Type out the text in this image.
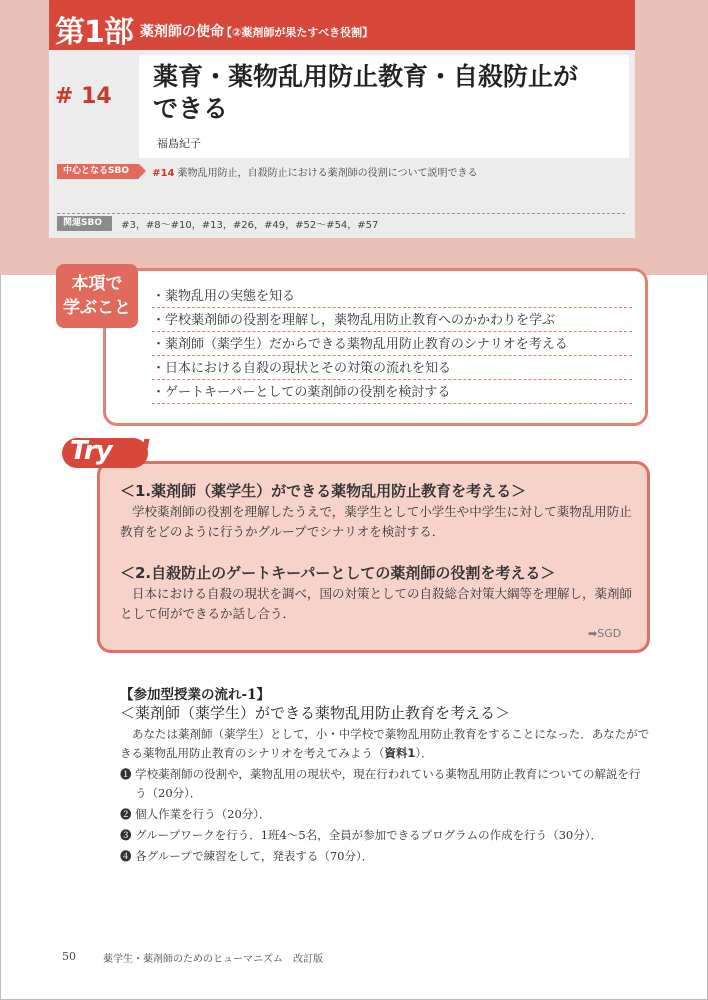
第1部 薬剤師の使命
【②薬剤師が果たすべき役割】
# 14
薬育・薬物乱用防止教育・自殺防止が
できる
福島紀子
中心となるSBO #14 薬物乱用防止，自殺防止における薬剤師の役割について説明できる
関連SBO #3，#8～#10，#13，#26，#49，#52～#54，#57
本項で
学ぶこと
・薬物乱用の実態を知る
・学校薬剤師の役割を理解し，薬物乱用防止教育へのかかわりを学ぶ
・薬剤師（薬学生）だからできる薬物乱用防止教育のシナリオを考える
・日本における自殺の現状とその対策の流れを知る
・ゲートキーパーとしての薬剤師の役割を検討する
Try !
＜1.薬剤師（薬学生）ができる薬物乱用防止教育を考える＞
学校薬剤師の役割を理解したうえで，薬学生として小学生や中学生に対して薬物乱用防止教育をどのように行うかグループでシナリオを検討する．
＜2.自殺防止のゲートキーパーとしての薬剤師の役割を考える＞
日本における自殺の現状を調べ，国の対策としての自殺総合対策大綱等を理解し，薬剤師として何ができるか話し合う．
➡SGD
【参加型授業の流れ-1】
＜薬剤師（薬学生）ができる薬物乱用防止教育を考える＞
あなたは薬剤師（薬学生）として，小・中学校で薬物乱用防止教育をすることになった．あなたができる薬物乱用防止教育のシナリオを考えてみよう（資料1）．
❶ 学校薬剤師の役割や，薬物乱用の現状や，現在行われている薬物乱用防止教育についての解説を行う（20分）．
❷ 個人作業を行う（20分）．
❸ グループワークを行う．1班4～5名，全員が参加できるプログラムの作成を行う（30分）．
❹ 各グループで練習をして，発表する（70分）．
50	薬学生・薬剤師のためのヒューマニズム　改訂版
